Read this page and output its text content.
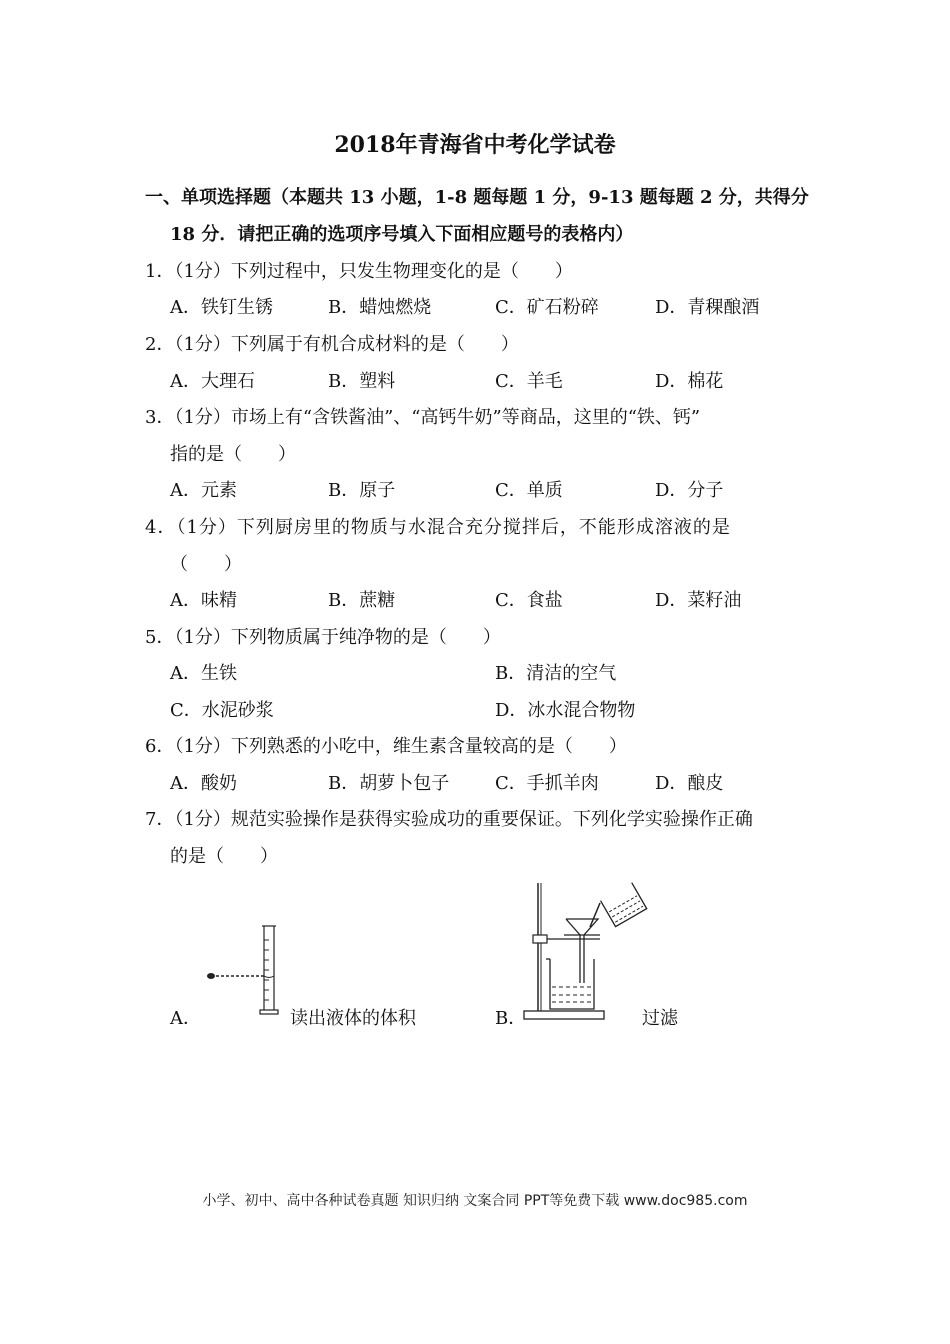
2018年青海省中考化学试卷
一、单项选择题（本题共 13 小题，1-8 题每题 1 分，9-13 题每题 2 分，共得分
18 分．请把正确的选项序号填入下面相应题号的表格内）
1．（1分）下列过程中，只发生物理变化的是（　　）
A．铁钉生锈	B．蜡烛燃烧	C．矿石粉碎	D．青稞酿酒
2．（1分）下列属于有机合成材料的是（　　）
A．大理石	B．塑料	C．羊毛	D．棉花
3．（1分）市场上有“含铁酱油”、“高钙牛奶”等商品，这里的“铁、钙”
指的是（　　）
A．元素	B．原子	C．单质	D．分子
4．（1分）下列厨房里的物质与水混合充分搅拌后，不能形成溶液的是
（　　）
A．味精	B．蔗糖	C．食盐	D．菜籽油
5．（1分）下列物质属于纯净物的是（　　）
A．生铁	B．清洁的空气
C．水泥砂浆	D．冰水混合物物
6．（1分）下列熟悉的小吃中，维生素含量较高的是（　　）
A．酸奶	B．胡萝卜包子	C．手抓羊肉	D．酿皮
7．（1分）规范实验操作是获得实验成功的重要保证。下列化学实验操作正确
的是（　　）
A．	读出液体的体积	B．	过滤
小学、初中、高中各种试卷真题 知识归纳 文案合同 PPT等免费下载 www.doc985.com
